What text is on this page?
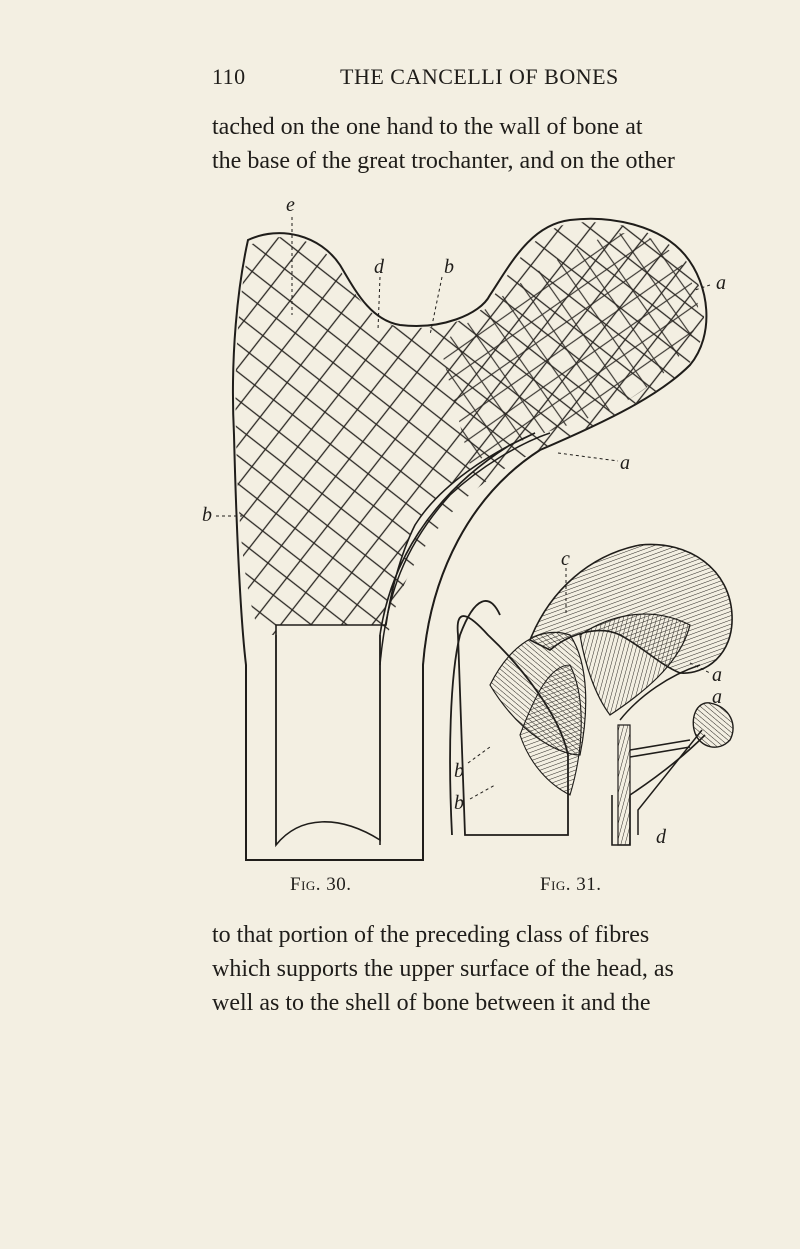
110	THE CANCELLI OF BONES
tached on the one hand to the wall of bone at
the base of the great trochanter, and on the other
e
d	b
a
a
b
c
a
a
b
b
d
Fig. 30.	Fig. 31.
to that portion of the preceding class of fibres
which supports the upper surface of the head, as
well as to the shell of bone between it and the
